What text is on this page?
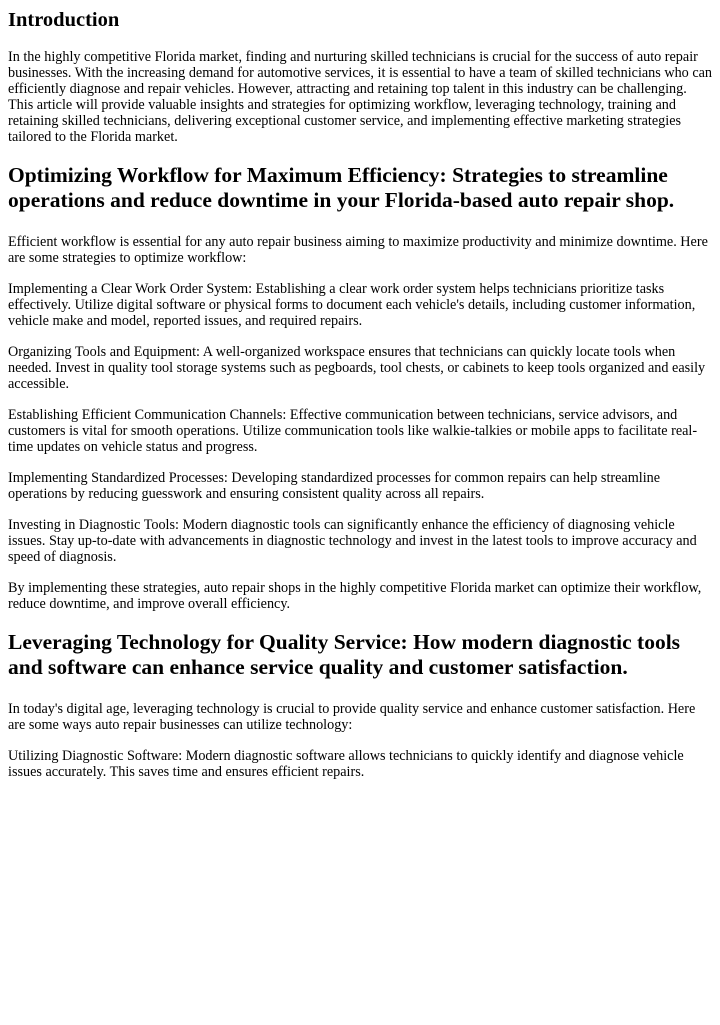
Introduction

In the highly competitive Florida market, finding and nurturing skilled technicians is crucial for the success of auto repair businesses. With the increasing demand for automotive services, it is essential to have a team of skilled technicians who can efficiently diagnose and repair vehicles. However, attracting and retaining top talent in this industry can be challenging. This article will provide valuable insights and strategies for optimizing workflow, leveraging technology, training and retaining skilled technicians, delivering exceptional customer service, and implementing effective marketing strategies tailored to the Florida market.

Optimizing Workflow for Maximum Efficiency: Strategies to streamline operations and reduce downtime in your Florida-based auto repair shop.

Efficient workflow is essential for any auto repair business aiming to maximize productivity and minimize downtime. Here are some strategies to optimize workflow:

Implementing a Clear Work Order System: Establishing a clear work order system helps technicians prioritize tasks effectively. Utilize digital software or physical forms to document each vehicle's details, including customer information, vehicle make and model, reported issues, and required repairs.

Organizing Tools and Equipment: A well-organized workspace ensures that technicians can quickly locate tools when needed. Invest in quality tool storage systems such as pegboards, tool chests, or cabinets to keep tools organized and easily accessible.

Establishing Efficient Communication Channels: Effective communication between technicians, service advisors, and customers is vital for smooth operations. Utilize communication tools like walkie-talkies or mobile apps to facilitate real-time updates on vehicle status and progress.

Implementing Standardized Processes: Developing standardized processes for common repairs can help streamline operations by reducing guesswork and ensuring consistent quality across all repairs.

Investing in Diagnostic Tools: Modern diagnostic tools can significantly enhance the efficiency of diagnosing vehicle issues. Stay up-to-date with advancements in diagnostic technology and invest in the latest tools to improve accuracy and speed of diagnosis.

By implementing these strategies, auto repair shops in the highly competitive Florida market can optimize their workflow, reduce downtime, and improve overall efficiency.

Leveraging Technology for Quality Service: How modern diagnostic tools and software can enhance service quality and customer satisfaction.

In today's digital age, leveraging technology is crucial to provide quality service and enhance customer satisfaction. Here are some ways auto repair businesses can utilize technology:

Utilizing Diagnostic Software: Modern diagnostic software allows technicians to quickly identify and diagnose vehicle issues accurately. This saves time and ensures efficient repairs.
